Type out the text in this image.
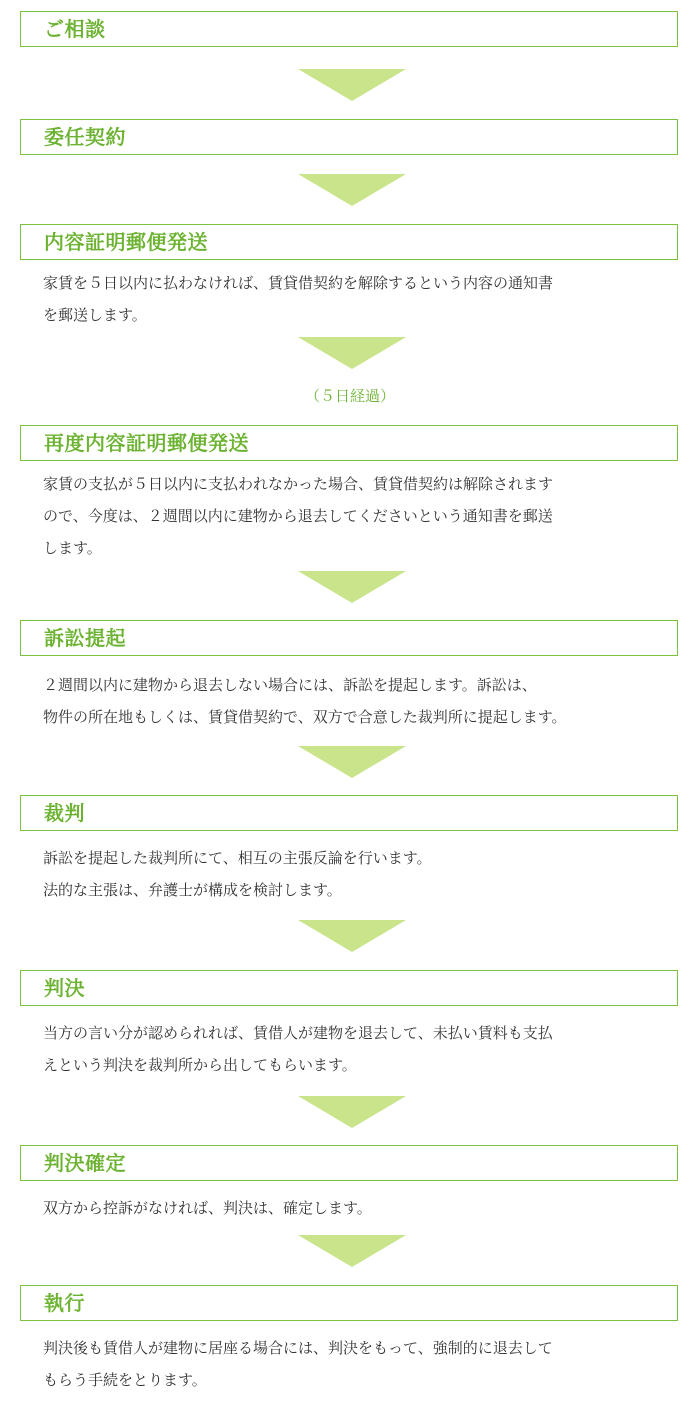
ご相談
委任契約
内容証明郵便発送
家賃を５日以内に払わなければ、賃貸借契約を解除するという内容の通知書
を郵送します。
（５日経過）
再度内容証明郵便発送
家賃の支払が５日以内に支払われなかった場合、賃貸借契約は解除されます
ので、今度は、２週間以内に建物から退去してくださいという通知書を郵送
します。
訴訟提起
２週間以内に建物から退去しない場合には、訴訟を提起します。訴訟は、
物件の所在地もしくは、賃貸借契約で、双方で合意した裁判所に提起します。
裁判
訴訟を提起した裁判所にて、相互の主張反論を行います。
法的な主張は、弁護士が構成を検討します。
判決
当方の言い分が認められれば、賃借人が建物を退去して、未払い賃料も支払
えという判決を裁判所から出してもらいます。
判決確定
双方から控訴がなければ、判決は、確定します。
執行
判決後も賃借人が建物に居座る場合には、判決をもって、強制的に退去して
もらう手続をとります。
